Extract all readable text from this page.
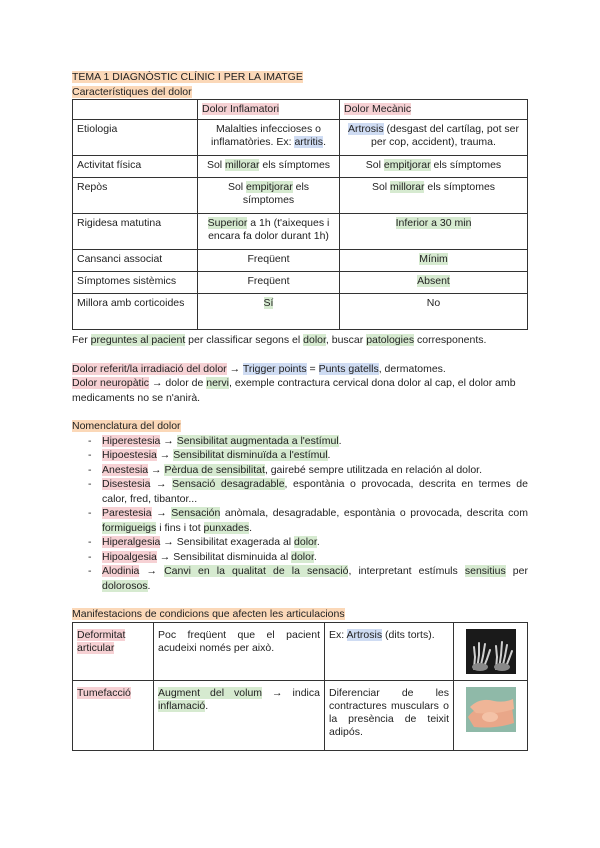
TEMA 1 DIAGNÒSTIC CLÍNIC I PER LA IMATGE
Característiques del dolor
	Dolor Inflamatori	Dolor Mecànic
Etiologia	Malalties infeccioses o inflamatòries. Ex: artritis.	Artrosis (desgast del cartílag, pot ser per cop, accident), trauma.
Activitat física	Sol millorar els símptomes	Sol empitjorar els símptomes
Repòs	Sol empitjorar els símptomes	Sol millorar els símptomes
Rigidesa matutina	Superior a 1h (t'aixeques i encara fa dolor durant 1h)	Inferior a 30 min
Cansanci associat	Freqüent	Mínim
Símptomes sistèmics	Freqüent	Absent
Millora amb corticoides	Sí	No
Fer preguntes al pacient per classificar segons el dolor, buscar patologies corresponents.
Dolor referit/la irradiació del dolor → Trigger points = Punts gatells, dermatomes.
Dolor neuropàtic → dolor de nervi, exemple contractura cervical dona dolor al cap, el dolor amb medicaments no se n'anirà.
Nomenclatura del dolor
- Hiperestesia → Sensibilitat augmentada a l'estímul.
- Hipoestesia → Sensibilitat disminuïda a l'estímul.
- Anestesia → Pèrdua de sensibilitat, gairebé sempre utilitzada en relación al dolor.
- Disestesia → Sensació desagradable, espontània o provocada, descrita en termes de calor, fred, tibantor...
- Parestesia → Sensación anòmala, desagradable, espontània o provocada, descrita com formigueigs i fins i tot punxades.
- Hiperalgesia → Sensibilitat exagerada al dolor.
- Hipoalgesia → Sensibilitat disminuida al dolor.
- Alodinia → Canvi en la qualitat de la sensació, interpretant estímuls sensitius per dolorosos.
Manifestacions de condicions que afecten les articulacions
Deformitat articular	Poc freqüent que el pacient acudeixi només per això.	Ex: Artrosis (dits torts).	

Tumefacció	Augment del volum → indica inflamació.	Diferenciar de les contractures musculars o la presència de teixit adipós.	
